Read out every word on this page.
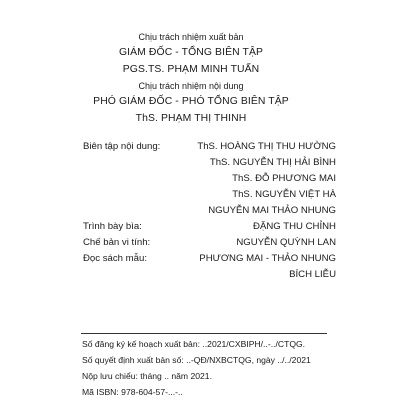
Chịu trách nhiệm xuất bản
GIÁM ĐỐC - TỔNG BIÊN TẬP
PGS.TS. PHẠM MINH TUẤN
Chịu trách nhiệm nội dung
PHÓ GIÁM ĐỐC - PHÓ TỔNG BIÊN TẬP
ThS. PHẠM THỊ THINH
Biên tập nội dung:	ThS. HOÀNG THỊ THU HƯỜNG
ThS. NGUYỄN THỊ HẢI BÌNH
ThS. ĐỖ PHƯƠNG MAI
ThS. NGUYỄN VIỆT HÀ
NGUYỄN MAI THẢO NHUNG
Trình bày bìa:	ĐẶNG THU CHỈNH
Chế bản vi tính:	NGUYỄN QUỲNH LAN
Đọc sách mẫu:	PHƯƠNG MAI - THẢO NHUNG
BÍCH LIỄU
Số đăng ký kế hoạch xuất bản: ..2021/CXBIPH/..-../CTQG.
Số quyết định xuất bản số: ..-QĐ/NXBCTQG, ngày ../../2021
Nộp lưu chiểu: tháng .. năm 2021.
Mã ISBN: 978-604-57-...-..
